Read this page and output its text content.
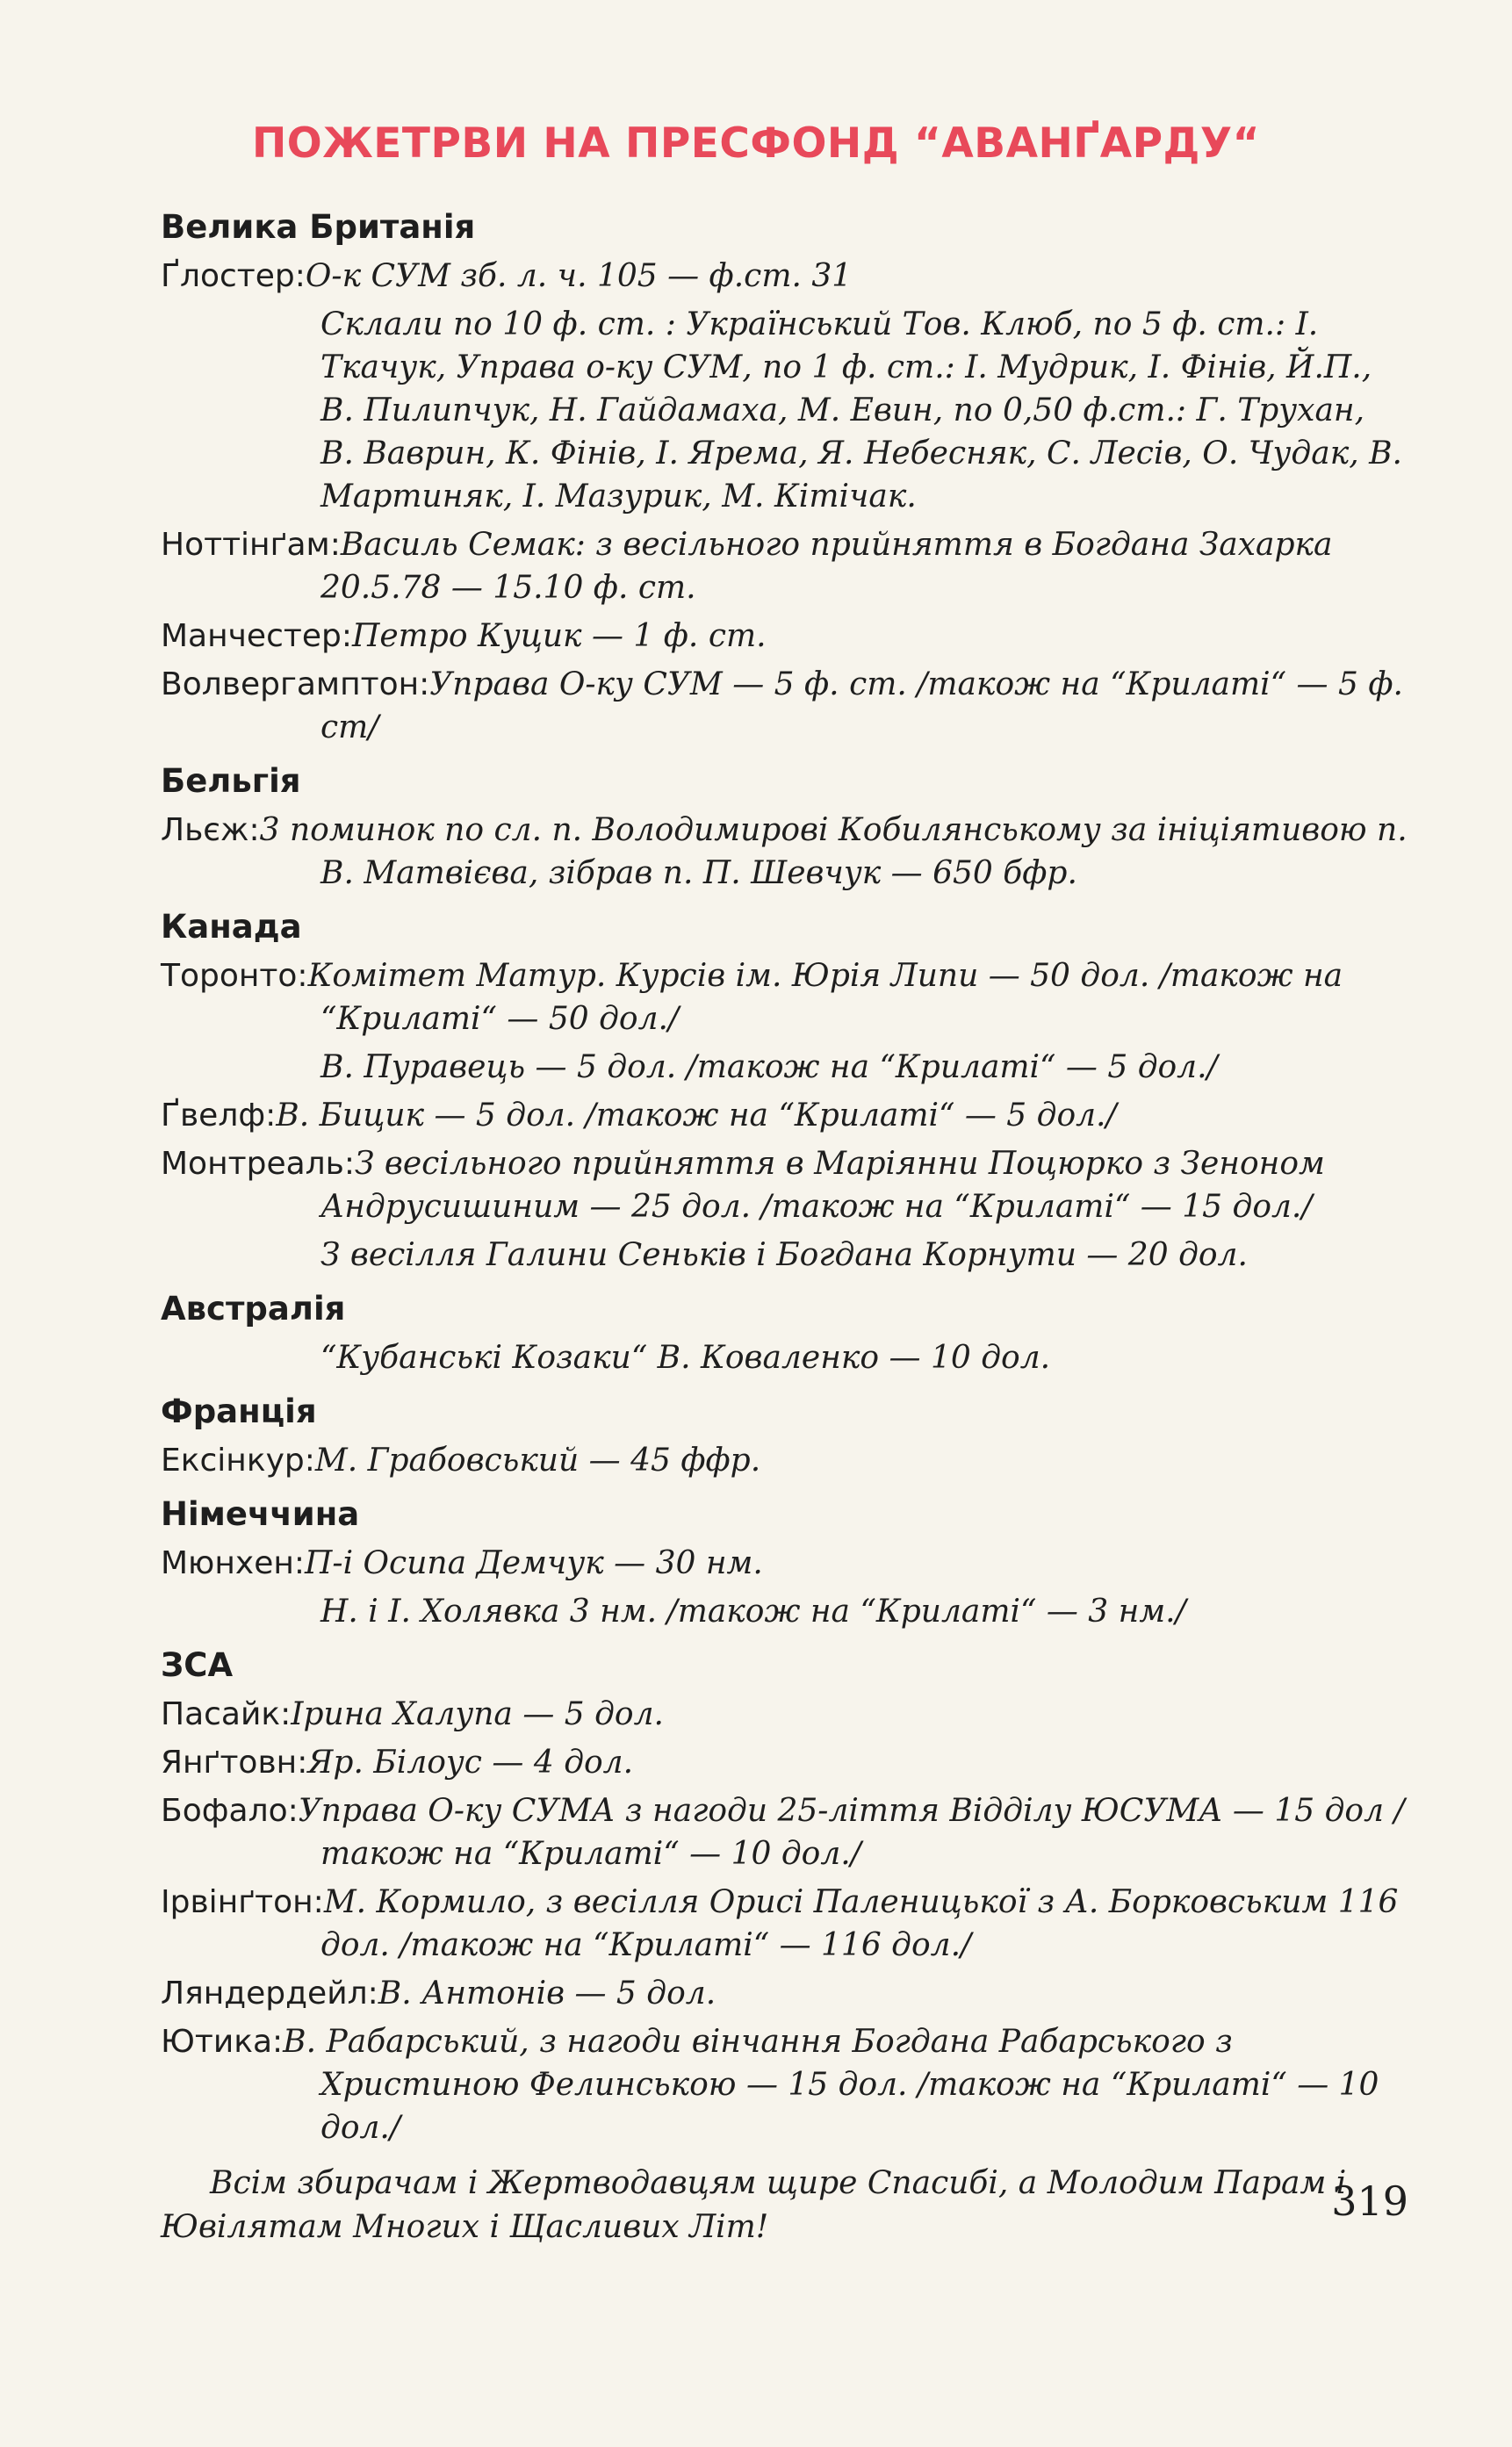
ПОЖЕТРВИ НА ПРЕСФОНД “АВАНҐАРДУ“
Велика Бритaнія
Ґлостер:О-к СУМ зб. л. ч. 105 — ф.ст. 31
Склали по 10 ф. ст. : Український Тов. Клюб, по 5 ф. ст.: І. Ткачук, Управа о-ку СУМ, по 1 ф. ст.: І. Мудрик, І. Фінів, Й.П., В. Пилипчук, Н. Гайдамаха, М. Евин, по 0,50 ф.ст.: Г. Трухан, В. Ваврин, К. Фінів, І. Ярема, Я. Небесняк, С. Лесів, О. Чудак, В. Мартиняк, І. Мазурик, М. Кітічак.
Ноттінґам:Василь Семак: з весільного прийняття в Богдана Захарка 20.5.78 — 15.10 ф. ст.
Манчестер:Петро Куцик — 1 ф. ст.
Волвергамптон:Управа О-ку СУМ — 5 ф. ст. /також на “Крилаті“ — 5 ф. ст/
Бельгія
Льєж:3 поминок по сл. п. Володимирові Кобилянському за ініціятивою п. В. Матвієва, зібрав п. П. Шевчук — 650 бфр.
Канада
Торонто:Комітет Матур. Курсів ім. Юрія Липи — 50 дол. /також на “Крилаті“ — 50 дол./
В. Пуравець — 5 дол. /також на “Крилаті“ — 5 дол./
Ґвелф:В. Бицик — 5 дол. /також на “Крилаті“ — 5 дол./
Монтреаль:З весільного прийняття в Маріянни Поцюрко з Зеноном Андрусишиним — 25 дол. /також на “Крилаті“ — 15 дол./
З весілля Галини Сеньків і Богдана Корнути — 20 дол.
Австралія
“Кубанські Козаки“ В. Коваленко — 10 дол.
Франція
Ексінкур:М. Грабовський — 45 ффр.
Німеччина
Мюнхен:П-і Осипа Демчук — 30 нм.
Н. і І. Холявка 3 нм. /також на “Крилаті“ — 3 нм./
ЗСА
Пасайк:Ірина Халупа — 5 дол.
Янґтовн:Яр. Білоус — 4 дол.
Бофало:Управа О-ку СУМА з нагоди 25-ліття Відділу ЮСУМА — 15 дол /також на “Крилаті“ — 10 дол./
Ірвінґтон:М. Кормило, з весілля Орисі Паленицької з А. Борковським 116 дол. /також на “Крилаті“ — 116 дол./
Ляндердейл:В. Антонів — 5 дол.
Ютика:В. Рабарський, з нагоди вінчання Богдана Рабарського з Христиною Фелинською — 15 дол. /також на “Крилаті“ — 10 дол./
Всім збирачам і Жертводавцям щире Спасибі, а Молодим Парам і Ювілятам Многих і Щасливих Літ!
319
